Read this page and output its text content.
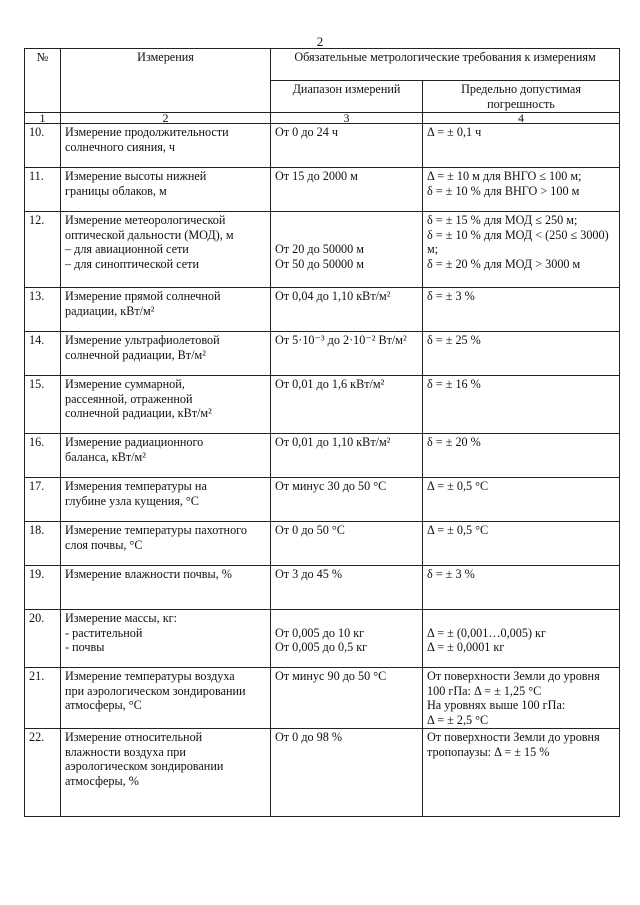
2
№	Измерения	Обязательные метрологические требования к измерениям	
		Диапазон измерений	Предельно допустимая погрешность
1	2	3	4
10.	Измерение продолжительности
солнечного сияния, ч	От 0 до 24 ч	Δ = ± 0,1 ч

11.	Измерение высоты нижней
границы облаков, м	От 15 до 2000 м	Δ = ± 10 м для ВНГО ≤ 100 м;
δ = ± 10 % для ВНГО > 100 м

12.	Измерение метеорологической
оптической дальности (МОД), м
– для авиационной сети
– для синоптической сети	От 20 до 50000 м
От 50 до 50000 м	δ = ± 15 % для МОД ≤ 250 м;
δ = ± 10 % для МОД < (250 ≤ 3000)
м;
δ = ± 20 % для МОД > 3000 м

13.	Измерение прямой солнечной
радиации, кВт/м²	От 0,04 до 1,10 кВт/м²	δ = ± 3 %

14.	Измерение ультрафиолетовой
солнечной радиации, Вт/м²	От 5·10⁻³ до 2·10⁻² Вт/м²	δ = ± 25 %

15.	Измерение суммарной,
рассеянной, отраженной
солнечной радиации, кВт/м²	От 0,01 до 1,6 кВт/м²	δ = ± 16 %

16.	Измерение радиационного
баланса, кВт/м²	От 0,01 до 1,10 кВт/м²	δ = ± 20 %

17.	Измерения температуры на
глубине узла кущения, °С	От минус 30 до 50 °С	Δ = ± 0,5 °С

18.	Измерение температуры пахотного
слоя почвы, °С	От 0 до 50 °С	Δ = ± 0,5 °С

19.	Измерение влажности почвы, %	От 3 до 45 %	δ = ± 3 %

20.	Измерение массы, кг:
- растительной
- почвы	От 0,005 до 10 кг
От 0,005 до 0,5 кг	Δ = ± (0,001…0,005) кг
Δ = ± 0,0001 кг

21.	Измерение температуры воздуха
при аэрологическом зондировании
атмосферы, °С	От минус 90 до 50 °С	От поверхности Земли до уровня
100 гПа: Δ = ± 1,25 °С
На уровнях выше 100 гПа:
Δ = ± 2,5 °С

22.	Измерение относительной
влажности воздуха при
аэрологическом зондировании
атмосферы, %	От 0 до 98 %	От поверхности Земли до уровня
тропопаузы: Δ = ± 15 %
